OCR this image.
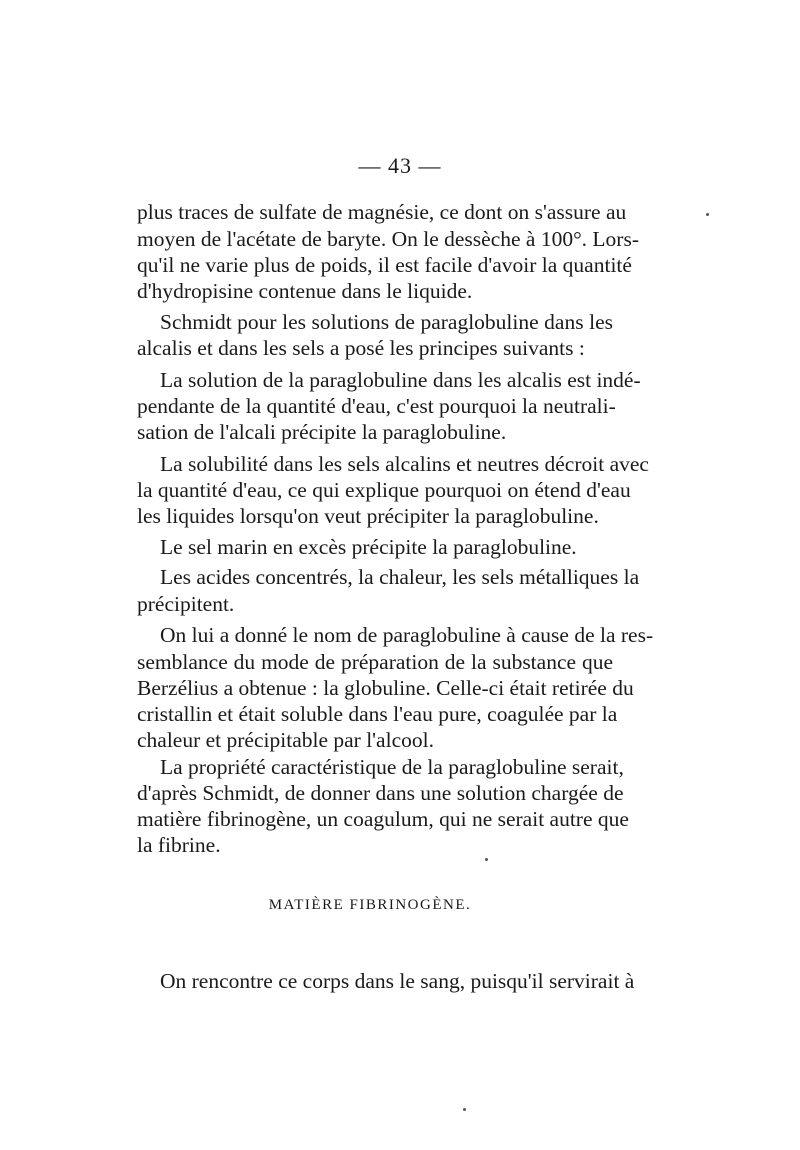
— 43 —
plus traces de sulfate de magnésie, ce dont on s'assure au
moyen de l'acétate de baryte. On le dessèche à 100°. Lors-
qu'il ne varie plus de poids, il est facile d'avoir la quantité
d'hydropisine contenue dans le liquide.
Schmidt pour les solutions de paraglobuline dans les
alcalis et dans les sels a posé les principes suivants :
La solution de la paraglobuline dans les alcalis est indé-
pendante de la quantité d'eau, c'est pourquoi la neutrali-
sation de l'alcali précipite la paraglobuline.
La solubilité dans les sels alcalins et neutres décroit avec
la quantité d'eau, ce qui explique pourquoi on étend d'eau
les liquides lorsqu'on veut précipiter la paraglobuline.
Le sel marin en excès précipite la paraglobuline.
Les acides concentrés, la chaleur, les sels métalliques la
précipitent.
On lui a donné le nom de paraglobuline à cause de la res-
semblance du mode de préparation de la substance que
Berzélius a obtenue : la globuline. Celle-ci était retirée du
cristallin et était soluble dans l'eau pure, coagulée par la
chaleur et précipitable par l'alcool.
La propriété caractéristique de la paraglobuline serait,
d'après Schmidt, de donner dans une solution chargée de
matière fibrinogène, un coagulum, qui ne serait autre que
la fibrine.
MATIÈRE FIBRINOGÈNE.
On rencontre ce corps dans le sang, puisqu'il servirait à
